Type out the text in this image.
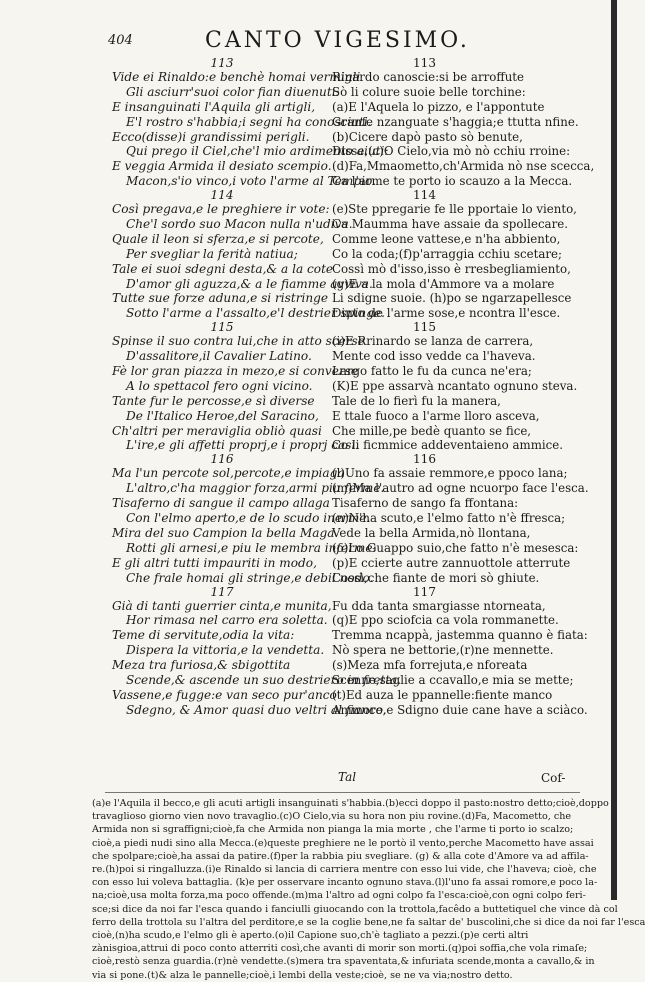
404	CANTO VIGESIMO.
113
Vide ei Rinaldo:e benchè homai vermigli
Gli asciurr'suoi color fian diuenuti:
E insanguinati l'Aquila gli artigli,
E'l rostro s'habbia;i segni ha conosciuti.
Ecco(disse)i grandissimi perigli.
Qui prego il Ciel,che'l mio ardimento aiuti:
E veggia Armida il desiato scempio.
Macon,s'io vinco,i voto l'arme al Tempio.
114
Così pregava,e le preghiere ir vote:
Che'l sordo suo Macon nulla n'udiva.
Quale il leon si sferza,e si percote,
Per svegliar la ferità natiua;
Tale ei suoi sdegni desta,& a la cote
D'amor gli aguzza,& a le fiamme avviva.
Tutte sue forze aduna,e si ristringe
Sotto l'arme a l'assalto,e'l destrier spinge.
115
Spinse il suo contra lui,che in atto scerse
D'assalitore,il Cavalier Latino.
Fè lor gran piazza in mezo,e si converse
A lo spettacol fero ogni vicino.
Tante fur le percosse,e sì diverse
De l'Italico Heroe,del Saracino,
Ch'altri per meraviglia obliò quasi
L'ire,e gli affetti proprj,e i proprj casi.
116
Ma l'un percote sol,percote,e impiaga
L'altro,c'ha maggior forza,armi piu ferme.
Tisaferno di sangue il campo allaga
Con l'elmo aperto,e de lo scudo inerme.
Mira del suo Campion la bella Maga
Rotti gli arnesi,e piu le membra inferme:
E gli altri tutti impauriti in modo,
Che frale homai gli stringe,e debil nodo.
117
Già di tanti guerrier cinta,e munita,
Hor rimasa nel carro era soletta.
Teme di servitute,odia la vita:
Dispera la vittoria,e la vendetta.
Meza tra furiosa,& sbigottita
Scende,& ascende un suo destriero in fretta.
Vassene,e fugge:e van seco pur'anco
Sdegno, & Amor quasi duo veltri al fianco.
113
Rinardo canoscie:si be arroffute
Sò li colure suoie belle torchine:
(a)E l'Aquela lo pizzo, e l'appontute
Granfe nzanguate s'haggia;e ttutta nfine.
(b)Cicere dapò pasto sò benute,
Disse,(c)O Cielo,via mò nò cchiu rroine:
(d)Fa,Mmaometto,ch'Armida nò nse scecca,
Ca l'arme te porto io scauzo a la Mecca.
114
(e)Ste ppregarie fe lle pportaie lo viento,
Ca Maumma have assaie da spollecare.
Comme leone vattese,e n'ha abbiento,
Co la coda;(f)p'arraggia cchiu scetare;
Cossì mò d'isso,isso è rresbegliamiento,
(g)E a la mola d'Ammore va a molare
Li sdigne suoie. (h)po se ngarzapellesce
Dinto de l'arme sose,e ncontra ll'esce.
115
(i)E Rrinardo se lanza de carrera,
Mente cod isso vedde ca l'haveva.
Largo fatto le fu da cunca ne'era;
(K)E ppe assarvà ncantato ognuno steva.
Tale de lo fierì fu la manera,
E ttale fuoco a l'arme lloro asceva,
Che mille,pe bedè quanto se fice,
Co li ficmmice addeventaieno ammice.
116
(l)Uno fa assaie remmore,e ppoco lana;
(m)Ma l'autro ad ogne ncuorpo face l'esca.
Tisaferno de sango fa ffontana:
(n)N'ha scuto,e l'elmo fatto n'è ffresca;
Vede la bella Armida,nò llontana,
(o)Lo Guappo suio,che fatto n'è mesesca:
(p)E ccierte autre zannuottole atterrute
Cossì,che fiante de mori sò ghiute.
117
Fu dda tanta smargiasse ntorneata,
(q)E ppo sciofcia ca vola rommanette.
Tremma ncappà, jastemma quanno è fiata:
Nò spera ne bettorie,(r)ne mennette.
(s)Meza mfa forrejuta,e nforeata
Scenne,saglie a ccavallo,e mia se mette;
(t)Ed auza le ppannelle:fiente manco
Ammore,e Sdigno duie cane have a sciàco.
Tal	Cof-
(a)e l'Aquila il becco,e gli acuti artigli insanguinati s'habbia.(b)ecci doppo il pasto:nostro detto;cioè,doppo
travaglioso giorno vien novo travaglio.(c)O Cielo,via su hora non piu rovine.(d)Fa, Macometto, che
Armida non si sgraffigni;cioè,fa che Armida non pianga la mia morte , che l'arme ti porto io scalzo;
cioè,a piedi nudi sino alla Mecca.(e)queste preghiere ne le portò il vento,perche Macometto have assai
che spolpare;cioè,ha assai da patire.(f)per la rabbia piu svegliare. (g) & alla cote d'Amore va ad affila-
re.(h)poi si ringalluzza.(i)e Rinaldo si lancia di carriera mentre con esso lui vide, che l'haveva; cioè, che
con esso lui voleva battaglia. (k)e per osservare incanto ognuno stava.(l)l'uno fa assai romore,e poco la-
na;cioè,usa molta forza,ma poco offende.(m)ma l'altro ad ogni colpo fa l'esca:cioè,con ogni colpo feri-
sce;si dice da noi far l'esca quando i fanciulli giuocando con la trottola,facêdo a buttetiquel che vince dà col
ferro della trottola su l'altra del perditore,e se la coglie bene,ne fa saltar de' buscolini,che si dice da noi far l'esca
cioè,(n)ha scudo,e l'elmo gli è aperto.(o)il Capione suo,ch'è tagliato a pezzi.(p)e certi altri
zànisgioa,attrui di poco conto atterriti così,che avanti di morir son morti.(q)poi soffia,che vola rimaſe;
cioè,restò senza guardia.(r)nè vendette.(s)mera tra spaventata,& infuriata scende,monta a cavallo,& in
via si pone.(t)& alza le pannelle;cioè,i lembi della veste;cioè, se ne va via;nostro detto.
